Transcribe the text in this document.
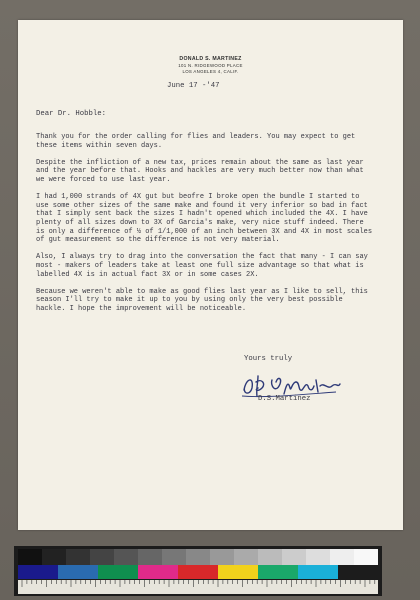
DONALD S. MARTINEZ
101 N. RIDGEWOOD PLACE
LOS ANGELES 4, CALIF.
June 17 -'47
Dear Dr. Hobble:

Thank you for the order calling for flies and leaders. You may expect to get these items within seven days.

Despite the infliction of a new tax, prices remain about the same as last year and the year before that. Hooks and hackles are very much better now than what we were forced to use last year.

I had 1,000 strands of 4X gut but beofre I broke open the bundle I started to use some other sizes of the same make and found it very inferior so bad in fact that I simply sent back the sizes I hadn't opened which included the 4X. I have plenty of all sizes down to 3X of Garcia's make, very nice stuff indeed. There is only a difference of ½ of 1/1,000 of an inch between 3X and 4X in most scales of gut measurement so the difference is not very material.

Also, I always try to drag into the conversation the fact that many - I can say most - makers of leaders take at least one full size advantage so that what is labelled 4X is in actual fact 3X or in some cases 2X.

Because we weren't able to make as good flies last year as I like to sell, this season I'll try to make it up to you by using only the very best possible hackle. I hope the improvement will be noticeable.

Yours truly
D.S.Martinez
